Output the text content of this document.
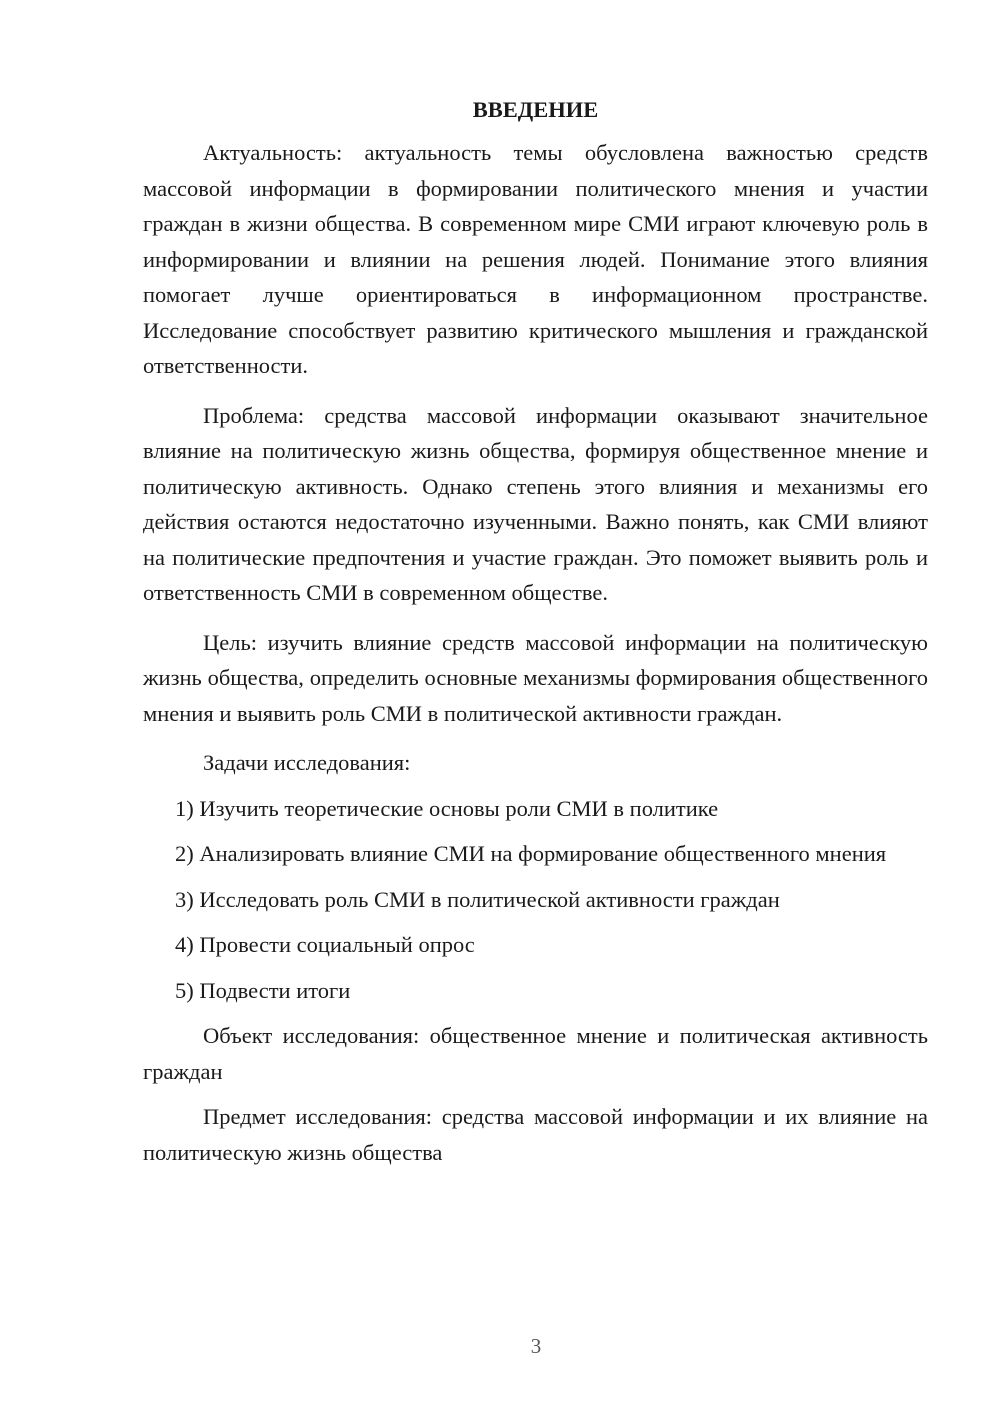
ВВЕДЕНИЕ

Актуальность: актуальность темы обусловлена важностью средств массовой информации в формировании политического мнения и участии граждан в жизни общества. В современном мире СМИ играют ключевую роль в информировании и влиянии на решения людей. Понимание этого влияния помогает лучше ориентироваться в информационном пространстве. Исследование способствует развитию критического мышления и гражданской ответственности.

Проблема: средства массовой информации оказывают значительное влияние на политическую жизнь общества, формируя общественное мнение и политическую активность. Однако степень этого влияния и механизмы его действия остаются недостаточно изученными. Важно понять, как СМИ влияют на политические предпочтения и участие граждан. Это поможет выявить роль и ответственность СМИ в современном обществе.

Цель: изучить влияние средств массовой информации на политическую жизнь общества, определить основные механизмы формирования общественного мнения и выявить роль СМИ в политической активности граждан.

Задачи исследования:

1) Изучить теоретические основы роли СМИ в политике

2) Анализировать влияние СМИ на формирование общественного мнения

3) Исследовать роль СМИ в политической активности граждан

4) Провести социальный опрос

5) Подвести итоги

Объект исследования: общественное мнение и политическая активность граждан

Предмет исследования: средства массовой информации и их влияние на политическую жизнь общества

3
